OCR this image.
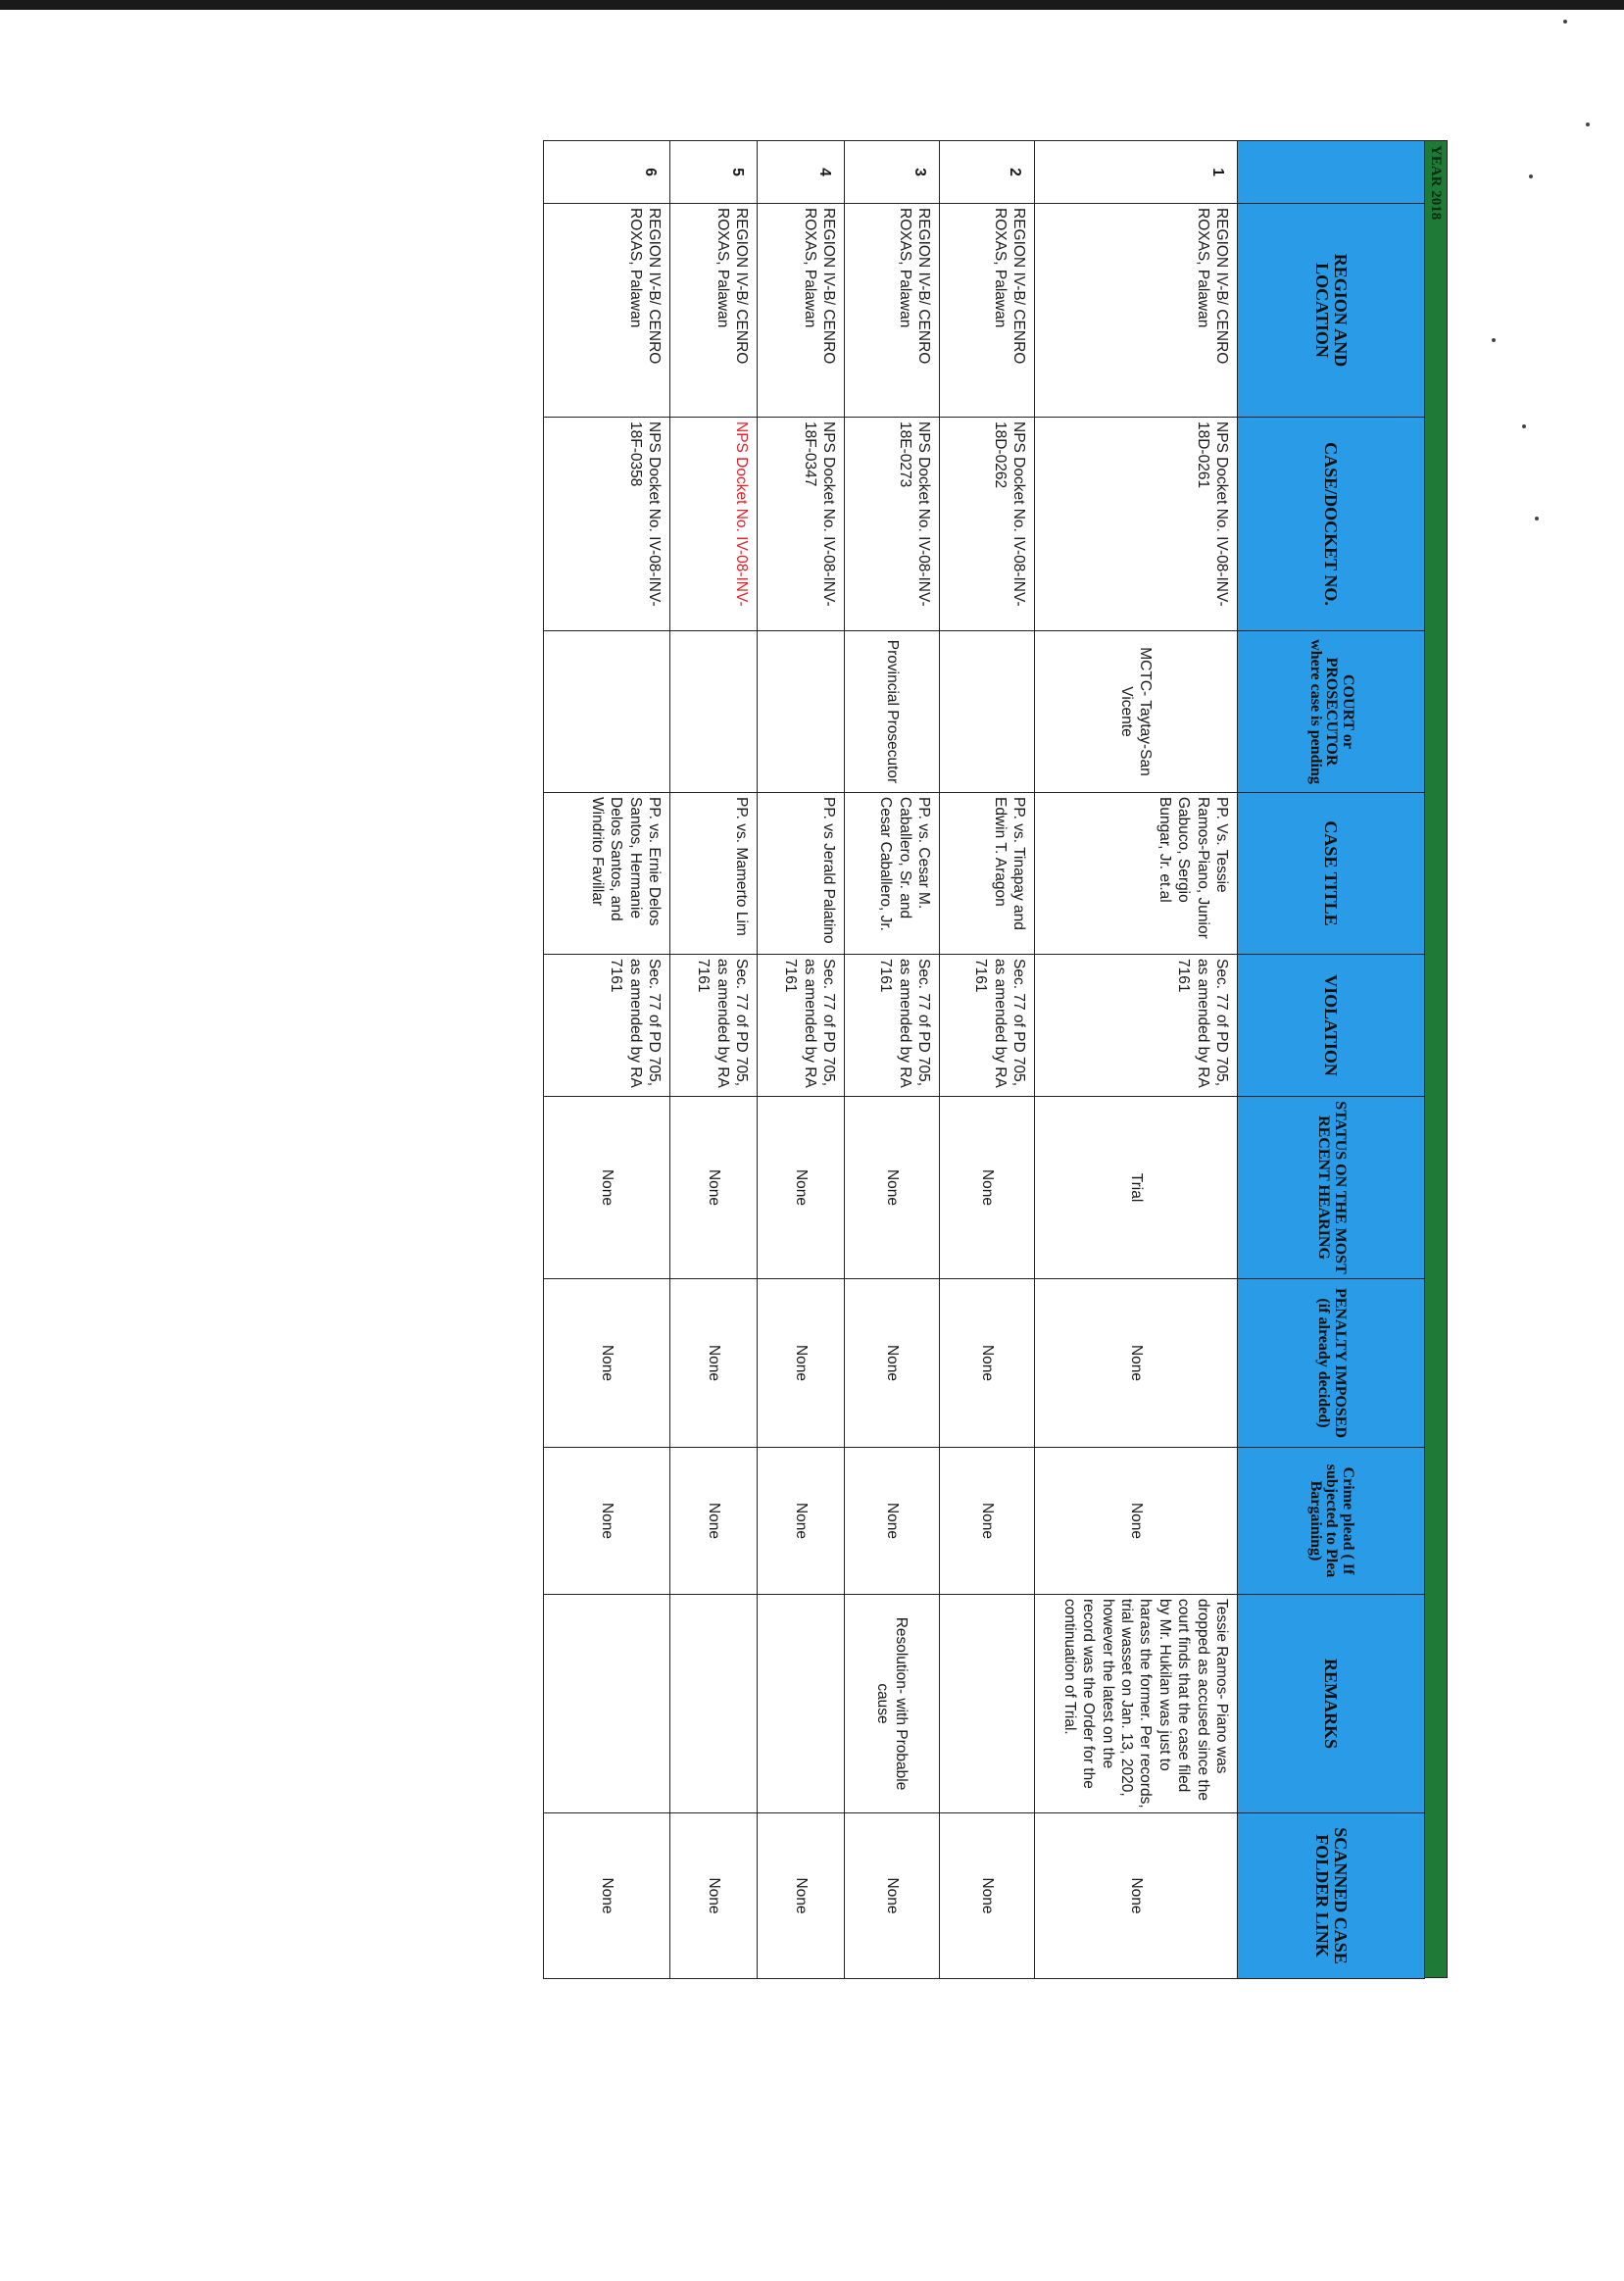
YEAR 2018
	REGION AND LOCATION	CASE/DOCKET NO.	COURT or PROSECUTOR where case is pending	CASE TITLE	VIOLATION	STATUS ON THE MOST RECENT HEARING	PENALTY IMPOSED (if already decided)	Crime plead ( If subjected to Plea Bargaining)	REMARKS	SCANNED CASE FOLDER LINK
1	REGION IV-B/ CENRO ROXAS, Palawan	NPS Docket No. IV-08-INV-18D-0261	MCTC- Taytay-San Vicente	PP. Vs. Tessie Ramos-Piano, Junior Gabuco, Sergio Bungar, Jr. et.al	Sec. 77 of PD 705, as amended by RA 7161	Trial	None	None	Tessie Ramos- Piano was dropped as accused since the court finds that the case filed by Mr. Hukilan was just to harass the former. Per records, trial wasset on Jan. 13, 2020, however the latest on the record was the Order for the continuation of Trial.	None
2	REGION IV-B/ CENRO ROXAS, Palawan	NPS Docket No. IV-08-INV-18D-0262		PP. vs. Tinapay and Edwin T. Aragon	Sec. 77 of PD 705, as amended by RA 7161	None	None	None		None
3	REGION IV-B/ CENRO ROXAS, Palawan	NPS Docket No. IV-08-INV-18E-0273	Provincial Prosecutor	PP. vs. Cesar M. Caballero, Sr. and Cesar Caballero, Jr.	Sec. 77 of PD 705, as amended by RA 7161	None	None	None	Resolution- with Probable cause	None
4	REGION IV-B/ CENRO ROXAS, Palawan	NPS Docket No. IV-08-INV-18F-0347		PP. vs Jerald Palatino	Sec. 77 of PD 705, as amended by RA 7161	None	None	None		None
5	REGION IV-B/ CENRO ROXAS, Palawan	NPS Docket No. IV-08-INV-		PP. vs. Mamerto Lim	Sec. 77 of PD 705, as amended by RA 7161	None	None	None		None
6	REGION IV-B/ CENRO ROXAS, Palawan	NPS Docket No. IV-08-INV-18F-0358		PP. vs. Ernie Delos Santos, Hermanie Delos Santos, and Windrito Favillar	Sec. 77 of PD 705, as amended by RA 7161	None	None	None		None
